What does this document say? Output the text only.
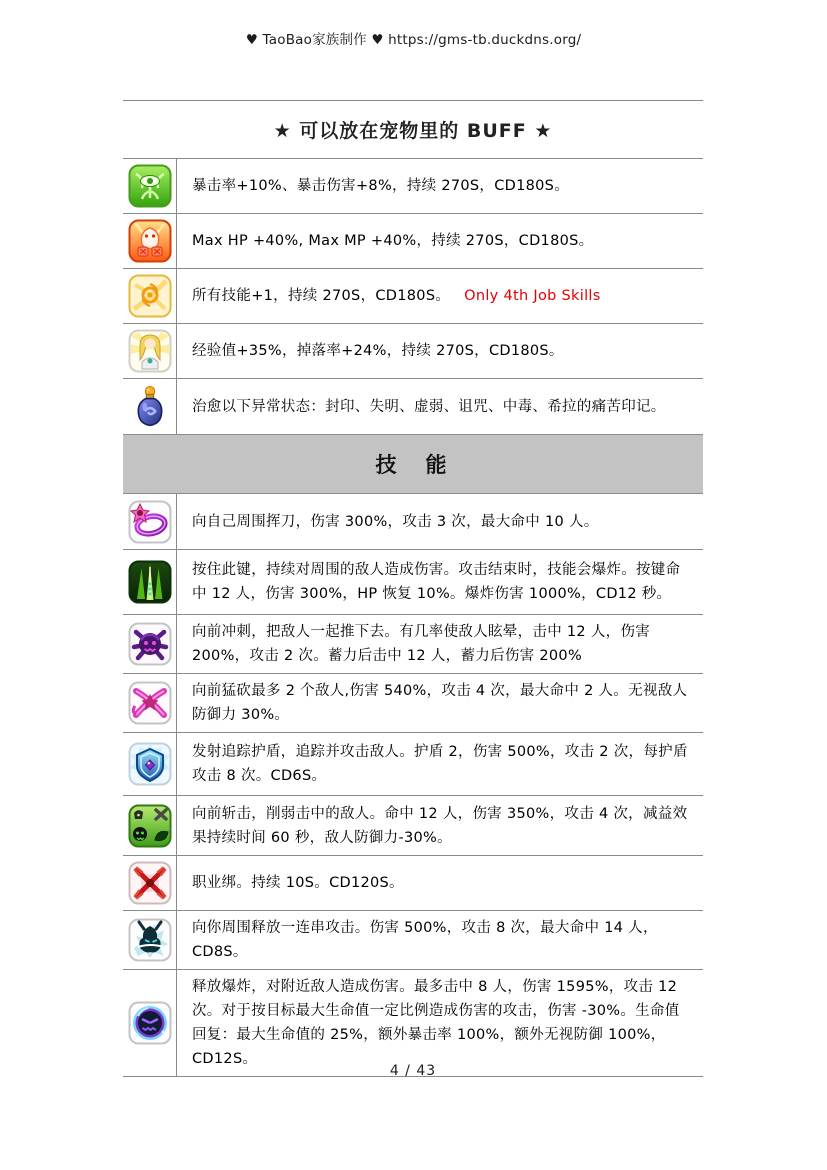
♥ TaoBao家族制作 ♥ https://gms-tb.duckdns.org/
★ 可以放在宠物里的 BUFF ★
暴击率+10%、暴击伤害+8%，持续 270S，CD180S。
Max HP +40%, Max MP +40%，持续 270S，CD180S。
所有技能+1，持续 270S，CD180S。 Only 4th Job Skills
经验值+35%，掉落率+24%，持续 270S，CD180S。
治愈以下异常状态：封印、失明、虚弱、诅咒、中毒、希拉的痛苦印记。
技　能
向自己周围挥刀，伤害 300%，攻击 3 次，最大命中 10 人。
按住此键，持续对周围的敌人造成伤害。攻击结束时，技能会爆炸。按键命中 12 人，伤害 300%，HP 恢复 10%。爆炸伤害 1000%，CD12 秒。
向前冲刺，把敌人一起推下去。有几率使敌人眩晕，击中 12 人，伤害 200%，攻击 2 次。蓄力后击中 12 人，蓄力后伤害 200%
向前猛砍最多 2 个敌人,伤害 540%，攻击 4 次，最大命中 2 人。无视敌人防御力 30%。
发射追踪护盾，追踪并攻击敌人。护盾 2，伤害 500%，攻击 2 次，每护盾攻击 8 次。CD6S。
向前斩击，削弱击中的敌人。命中 12 人，伤害 350%，攻击 4 次，减益效果持续时间 60 秒，敌人防御力-30%。
职业绑。持续 10S。CD120S。
向你周围释放一连串攻击。伤害 500%，攻击 8 次，最大命中 14 人，CD8S。
释放爆炸，对附近敌人造成伤害。最多击中 8 人，伤害 1595%，攻击 12 次。对于按目标最大生命值一定比例造成伤害的攻击，伤害 -30%。生命值回复：最大生命值的 25%，额外暴击率 100%，额外无视防御 100%，CD12S。
4 / 43
